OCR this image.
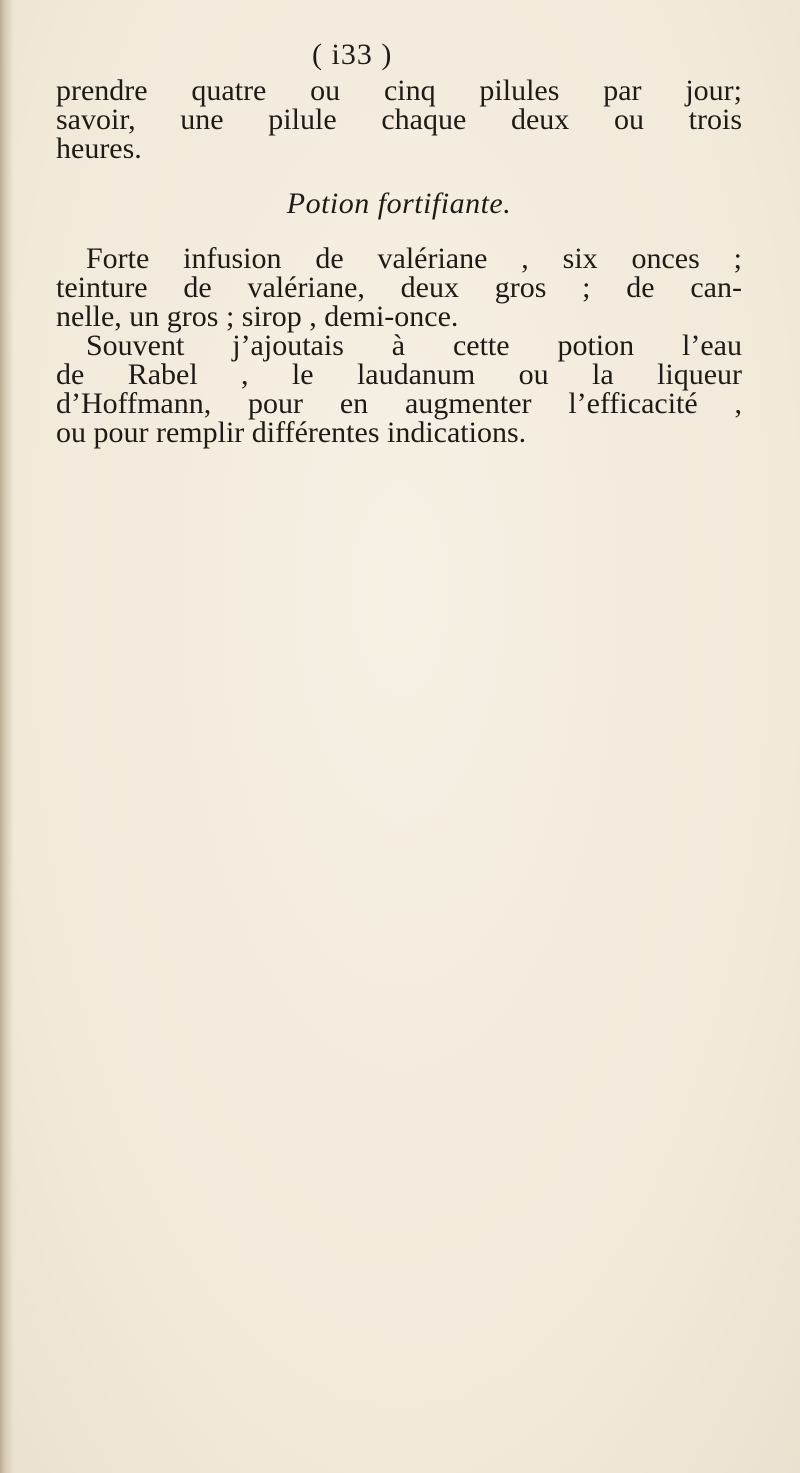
( i33 )
prendre quatre ou cinq pilules par jour;
savoir, une pilule chaque deux ou trois
heures.
Potion fortifiante.
Forte infusion de valériane , six onces ;
teinture de valériane, deux gros ; de can-
nelle, un gros ; sirop , demi-once.
Souvent j’ajoutais à cette potion l’eau
de Rabel , le laudanum ou la liqueur
d’Hoffmann, pour en augmenter l’efficacité ,
ou pour remplir différentes indications.
